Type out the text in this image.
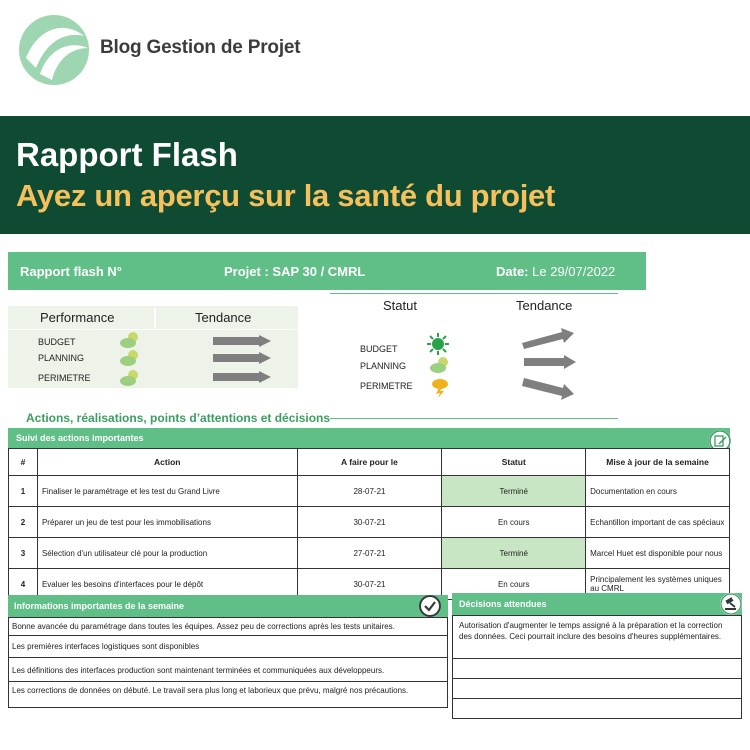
Blog Gestion de Projet
Rapport Flash
Ayez un aperçu sur la santé du projet
Rapport flash N°	Projet : SAP 30 / CMRL	Date: Le 29/07/2022
Performance	Tendance
BUDGET
PLANNING
PERIMETRE
Statut	Tendance
BUDGET
PLANNING
PERIMETRE
Actions, réalisations, points d’attentions et décisions
Suivi des actions importantes
#	Action	A faire pour le	Statut	Mise à jour de la semaine
1	Finaliser le paramétrage et les test du Grand Livre	28-07-21	Terminé	Documentation en cours
2	Préparer un jeu de test pour les immobilisations	30-07-21	En cours	Echantillon important de cas spéciaux
3	Sélection d'un utilisateur clé pour la production	27-07-21	Terminé	Marcel Huet est disponible pour nous
4	Evaluer les besoins d'interfaces pour le dépôt	30-07-21	En cours	Principalement les systèmes uniques au CMRL
Informations importantes de la semaine
Bonne avancée du paramétrage dans toutes les équipes. Assez peu de corrections après les tests unitaires.
Les premières interfaces logistiques sont disponibles
Les définitions des interfaces production sont maintenant terminées et communiquées aux développeurs.
Les corrections de données on débuté. Le travail sera plus long et laborieux que prévu, malgré nos précautions.
Décisions attendues
Autorisation d'augmenter le temps assigné à la préparation et la correction des données. Ceci pourrait inclure des besoins d'heures supplémentaires.
